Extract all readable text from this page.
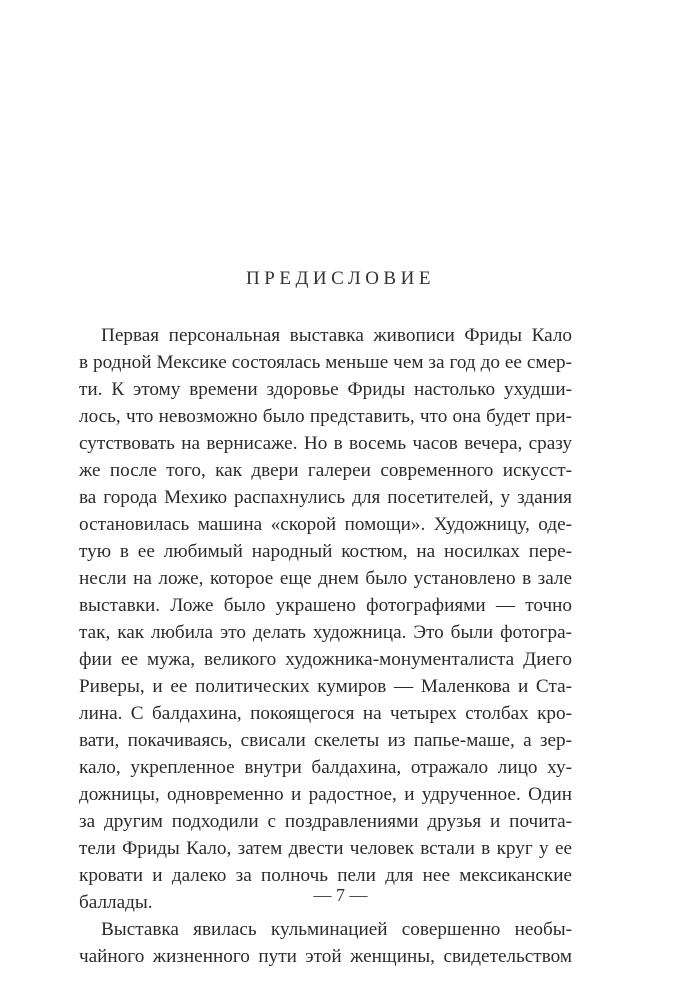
ПРЕДИСЛОВИЕ
Первая персональная выставка живописи Фриды Кало
в родной Мексике состоялась меньше чем за год до ее смер-
ти. К этому времени здоровье Фриды настолько ухудши-
лось, что невозможно было представить, что она будет при-
сутствовать на вернисаже. Но в восемь часов вечера, сразу
же после того, как двери галереи современного искусст-
ва города Мехико распахнулись для посетителей, у здания
остановилась машина «скорой помощи». Художницу, оде-
тую в ее любимый народный костюм, на носилках пере-
несли на ложе, которое еще днем было установлено в зале
выставки. Ложе было украшено фотографиями — точно
так, как любила это делать художница. Это были фотогра-
фии ее мужа, великого художника-монументалиста Диего
Риверы, и ее политических кумиров — Маленкова и Ста-
лина. С балдахина, покоящегося на четырех столбах кро-
вати, покачиваясь, свисали скелеты из папье-маше, а зер-
кало, укрепленное внутри балдахина, отражало лицо ху-
дожницы, одновременно и радостное, и удрученное. Один
за другим подходили с поздравлениями друзья и почита-
тели Фриды Кало, затем двести человек встали в круг у ее
кровати и далеко за полночь пели для нее мексиканские
баллады.
Выставка явилась кульминацией совершенно необы-
чайного жизненного пути этой женщины, свидетельством
— 7 —
